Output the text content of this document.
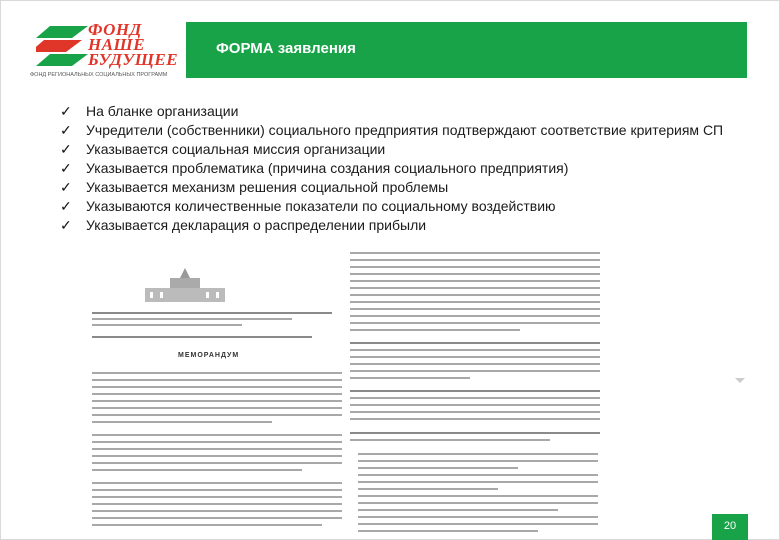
ФОНД
НАШЕ
БУДУЩЕЕ
ФОНД РЕГИОНАЛЬНЫХ СОЦИАЛЬНЫХ ПРОГРАММ
ФОРМА заявления
✓ На бланке организации
✓ Учредители (собственники) социального предприятия подтверждают соответствие критериям СП
✓ Указывается социальная миссия организации
✓ Указывается проблематика (причина создания социального предприятия)
✓ Указывается механизм решения социальной проблемы
✓ Указываются количественные показатели по социальному воздействию
✓ Указывается декларация о распределении прибыли
МЕМОРАНДУМ
20
